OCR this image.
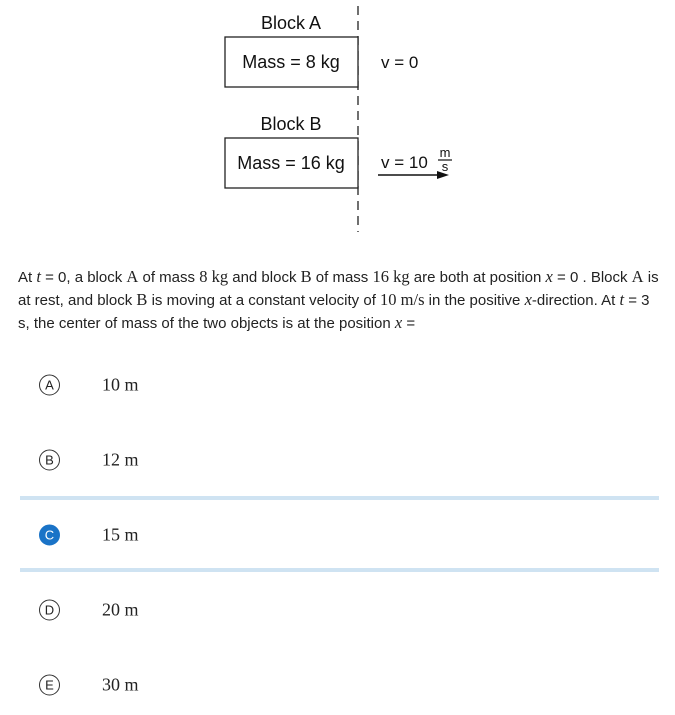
Block A
Mass = 8 kg v = 0
Block B
Mass = 16 kg v = 10
m
s
At t = 0, a block A of mass 8 kg and block B of mass 16 kg are both at position x = 0 . Block A is at rest, and block B is moving at a constant velocity of 10 m/s in the positive x-direction. At t = 3 s, the center of mass of the two objects is at the position x =
A	10 m
B	12 m
C	15 m
D	20 m
E	30 m
